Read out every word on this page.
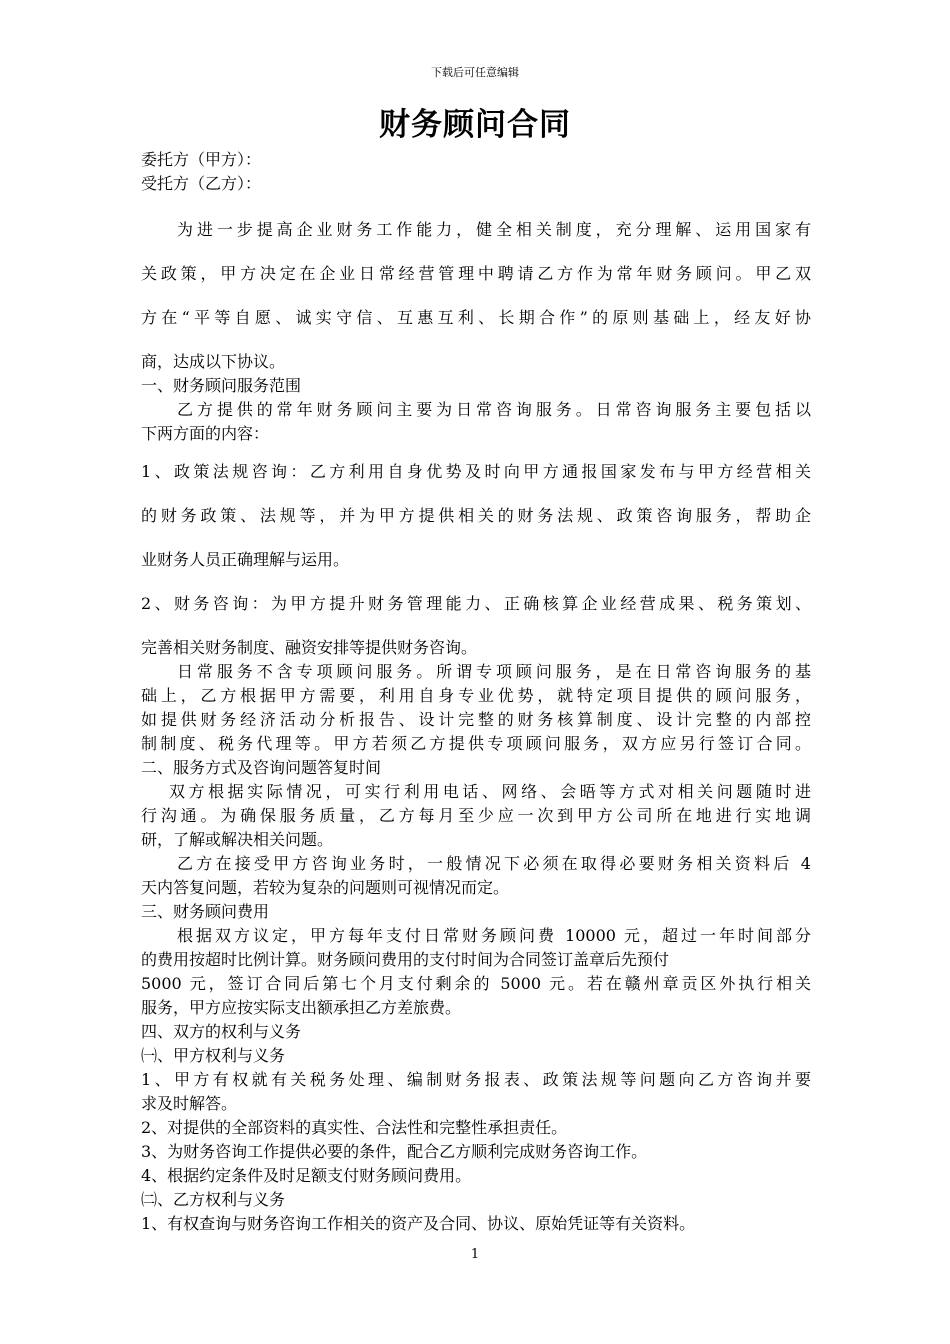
下载后可任意编辑
财务顾问合同
委托方（甲方）：
受托方（乙方）：
为进一步提高企业财务工作能力，健全相关制度，充分理解、运用国家有
关政策，甲方决定在企业日常经营管理中聘请乙方作为常年财务顾问。甲乙双
方在“平等自愿、诚实守信、互惠互利、长期合作”的原则基础上，经友好协
商，达成以下协议。
一、财务顾问服务范围
乙方提供的常年财务顾问主要为日常咨询服务。日常咨询服务主要包括以
下两方面的内容：
1、政策法规咨询：乙方利用自身优势及时向甲方通报国家发布与甲方经营相关
的财务政策、法规等，并为甲方提供相关的财务法规、政策咨询服务，帮助企
业财务人员正确理解与运用。
2、财务咨询：为甲方提升财务管理能力、正确核算企业经营成果、税务策划、
完善相关财务制度、融资安排等提供财务咨询。
日常服务不含专项顾问服务。所谓专项顾问服务，是在日常咨询服务的基
础上，乙方根据甲方需要，利用自身专业优势，就特定项目提供的顾问服务，
如提供财务经济活动分析报告、设计完整的财务核算制度、设计完整的内部控
制制度、税务代理等。甲方若须乙方提供专项顾问服务，双方应另行签订合同。
二、服务方式及咨询问题答复时间
双方根据实际情况，可实行利用电话、网络、会晤等方式对相关问题随时进
行沟通。为确保服务质量，乙方每月至少应一次到甲方公司所在地进行实地调
研，了解或解决相关问题。
乙方在接受甲方咨询业务时，一般情况下必须在取得必要财务相关资料后 4
天内答复问题，若较为复杂的问题则可视情况而定。
三、财务顾问费用
根据双方议定，甲方每年支付日常财务顾问费 10000 元，超过一年时间部分
的费用按超时比例计算。财务顾问费用的支付时间为合同签订盖章后先预付
5000 元，签订合同后第七个月支付剩余的 5000 元。若在赣州章贡区外执行相关
服务，甲方应按实际支出额承担乙方差旅费。
四、双方的权利与义务
㈠、甲方权利与义务
1、甲方有权就有关税务处理、编制财务报表、政策法规等问题向乙方咨询并要
求及时解答。
2、对提供的全部资料的真实性、合法性和完整性承担责任。
3、为财务咨询工作提供必要的条件，配合乙方顺利完成财务咨询工作。
4、根据约定条件及时足额支付财务顾问费用。
㈡、乙方权利与义务
1、有权查询与财务咨询工作相关的资产及合同、协议、原始凭证等有关资料。
1
